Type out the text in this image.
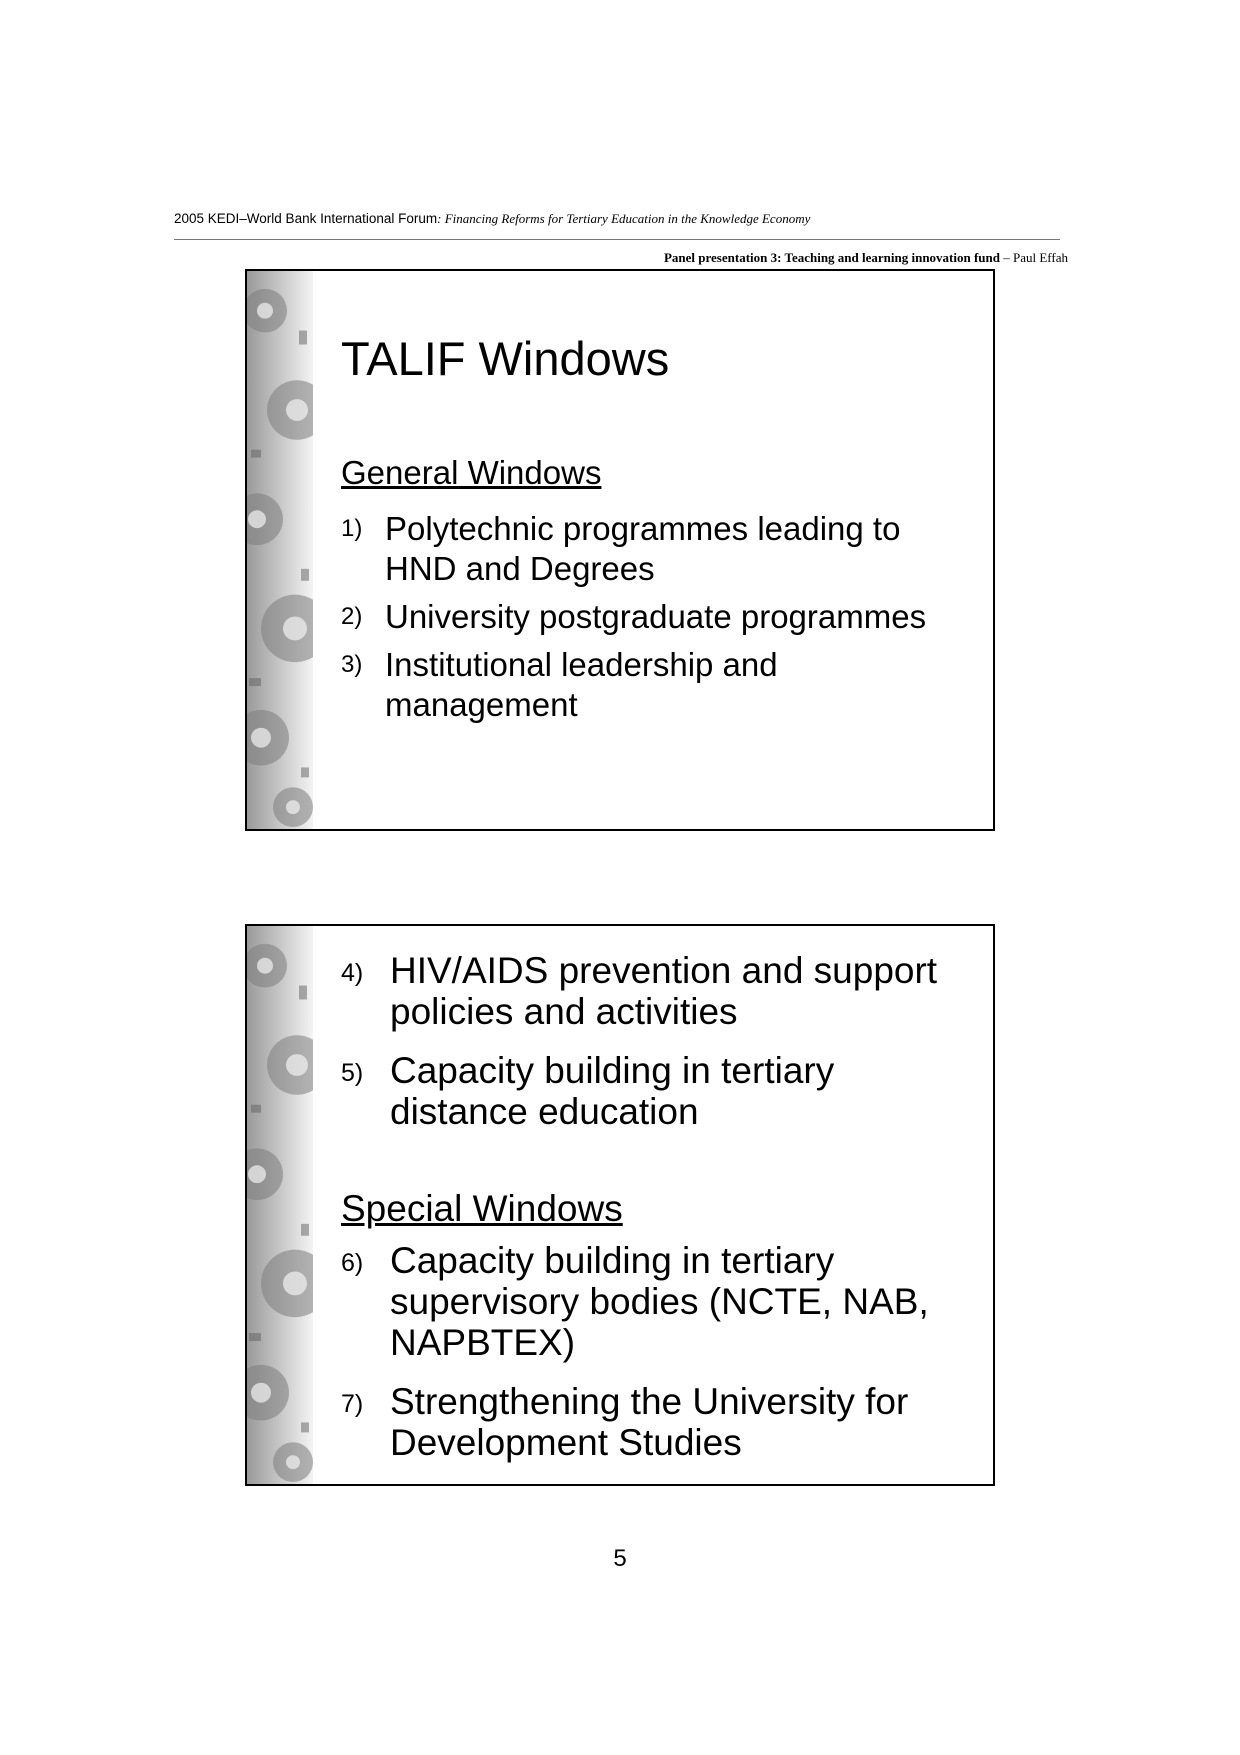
2005 KEDI–World Bank International Forum: Financing Reforms for Tertiary Education in the Knowledge Economy
Panel presentation 3: Teaching and learning innovation fund – Paul Effah
TALIF Windows
General Windows
1) Polytechnic programmes leading to
HND and Degrees
2) University postgraduate programmes
3) Institutional leadership and
management
4) HIV/AIDS prevention and support
policies and activities
5) Capacity building in tertiary
distance education
Special Windows
6) Capacity building in tertiary
supervisory bodies (NCTE, NAB,
NAPBTEX)
7) Strengthening the University for
Development Studies
5
